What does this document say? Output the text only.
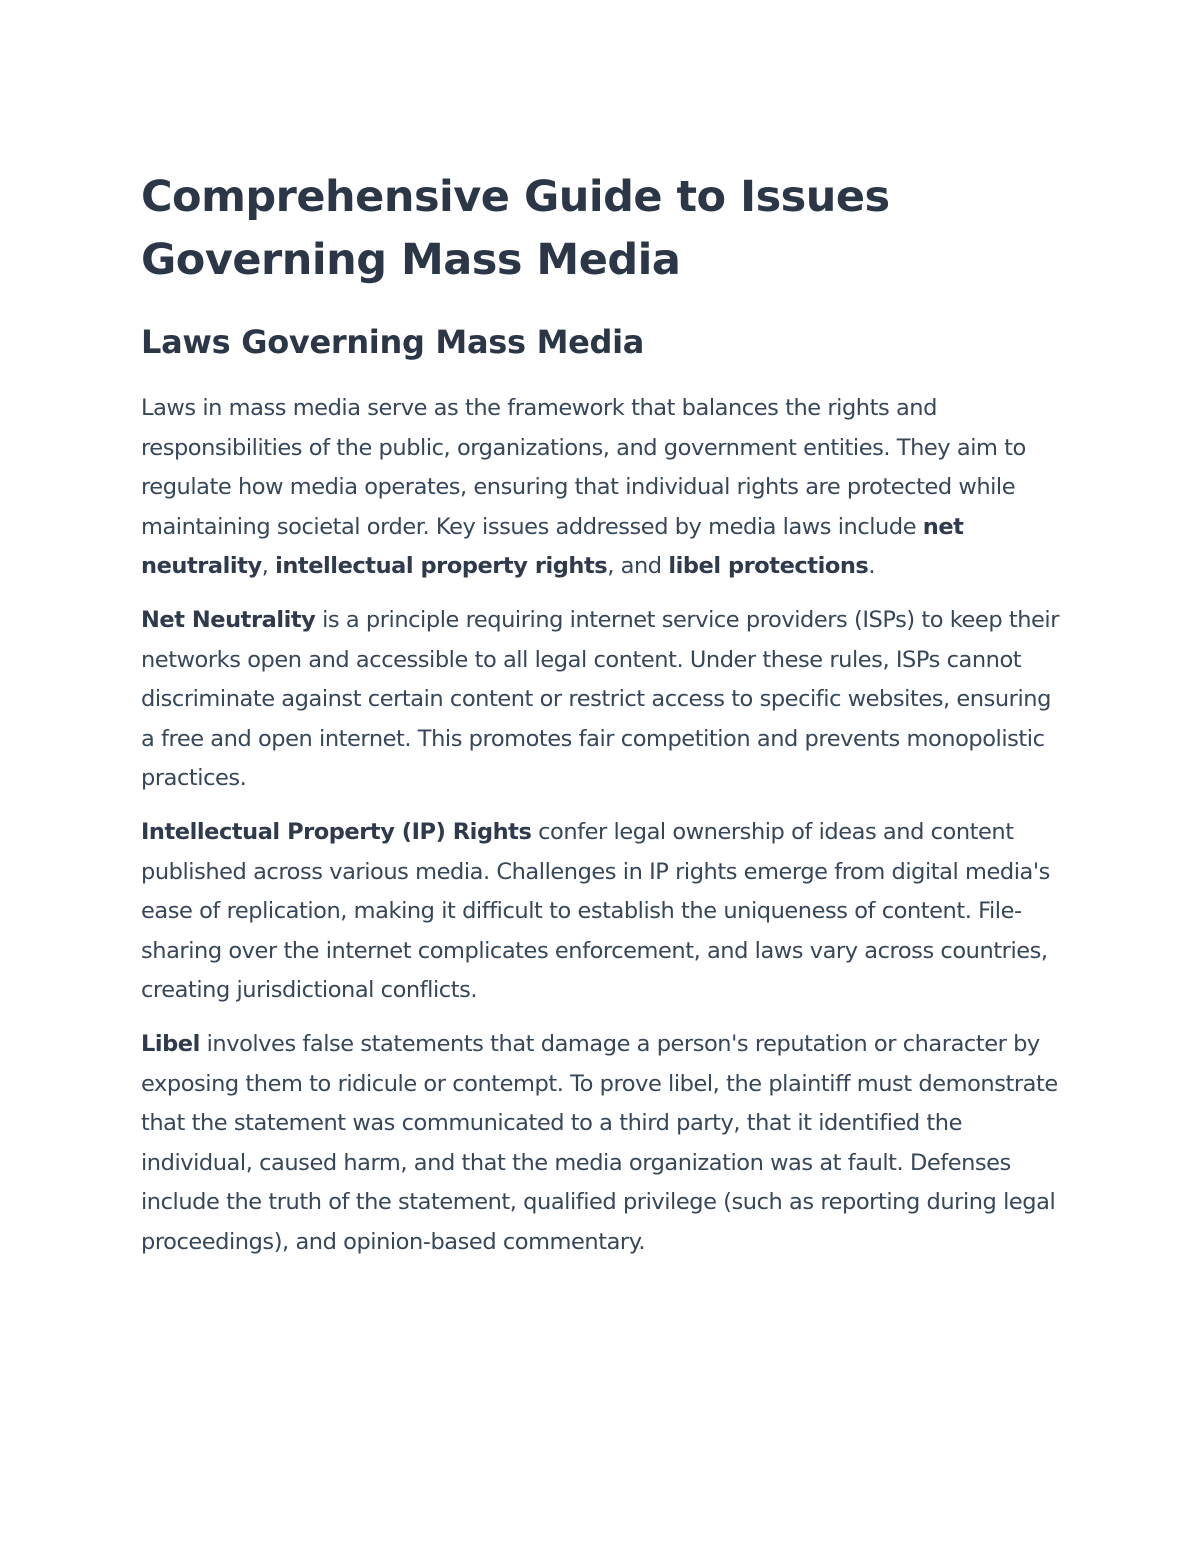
Comprehensive Guide to Issues Governing Mass Media
Laws Governing Mass Media

Laws in mass media serve as the framework that balances the rights and responsibilities of the public, organizations, and government entities. They aim to regulate how media operates, ensuring that individual rights are protected while maintaining societal order. Key issues addressed by media laws include net neutrality, intellectual property rights, and libel protections.

Net Neutrality is a principle requiring internet service providers (ISPs) to keep their networks open and accessible to all legal content. Under these rules, ISPs cannot discriminate against certain content or restrict access to specific websites, ensuring a free and open internet. This promotes fair competition and prevents monopolistic practices.

Intellectual Property (IP) Rights confer legal ownership of ideas and content published across various media. Challenges in IP rights emerge from digital media's ease of replication, making it difficult to establish the uniqueness of content. File-sharing over the internet complicates enforcement, and laws vary across countries, creating jurisdictional conflicts.

Libel involves false statements that damage a person's reputation or character by exposing them to ridicule or contempt. To prove libel, the plaintiff must demonstrate that the statement was communicated to a third party, that it identified the individual, caused harm, and that the media organization was at fault. Defenses include the truth of the statement, qualified privilege (such as reporting during legal proceedings), and opinion-based commentary.
